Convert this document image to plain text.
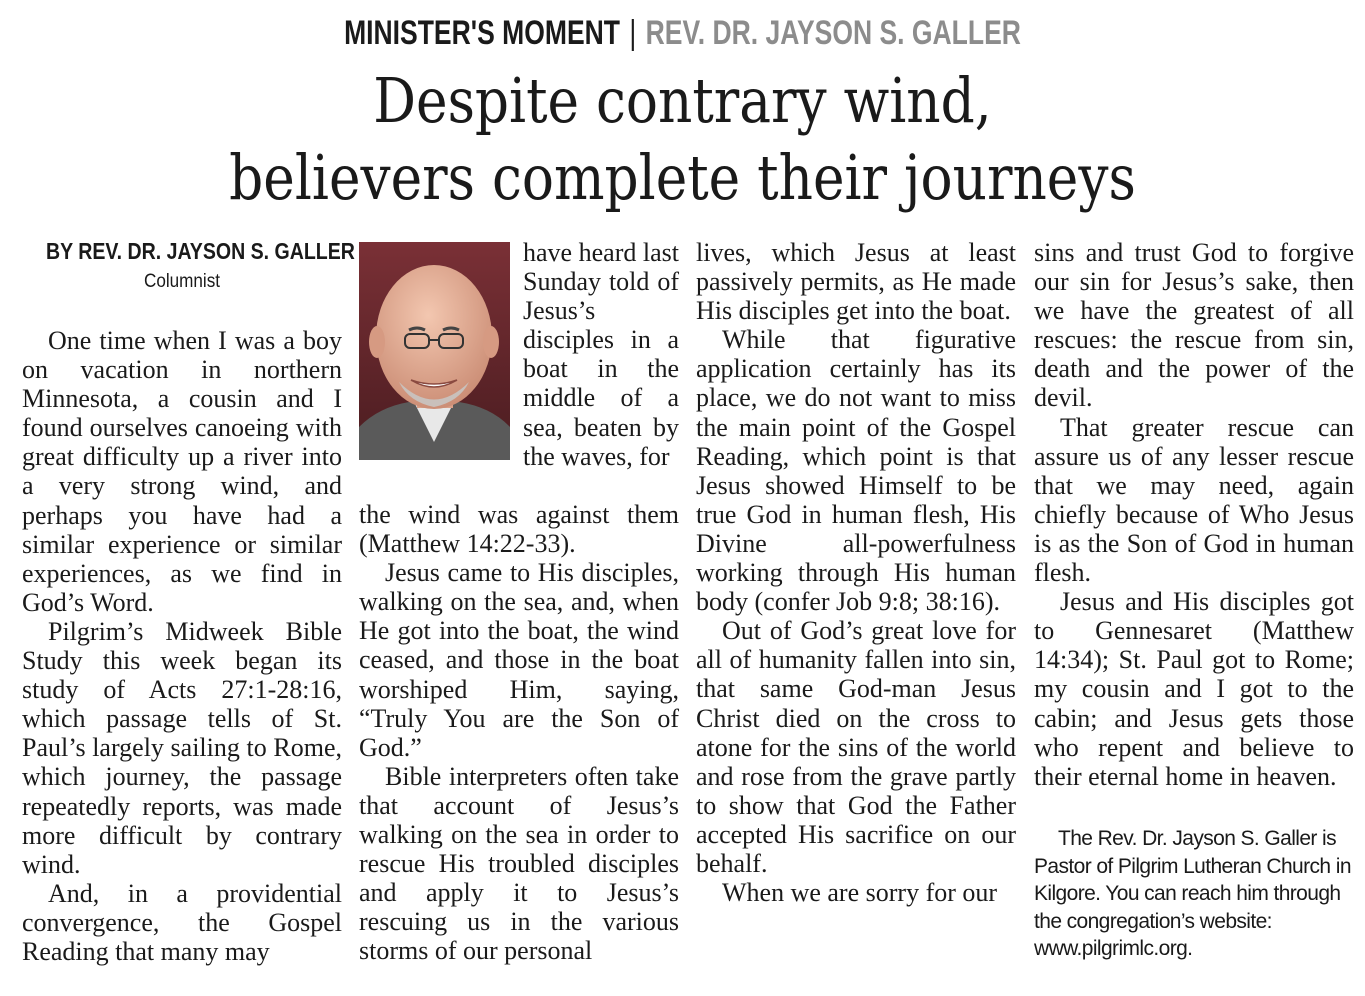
MINISTER'S MOMENT | REV. DR. JAYSON S. GALLER
Despite contrary wind,
believers complete their journeys
BY REV. DR. JAYSON S. GALLER
Columnist

One time when I was a boy on vacation in northern Minnesota, a cousin and I found ourselves canoeing with great difficulty up a river into a very strong wind, and perhaps you have had a similar experience or similar experiences, as we find in God’s Word.

Pilgrim’s Midweek Bible Study this week began its study of Acts 27:1-28:16, which passage tells of St. Paul’s largely sailing to Rome, which journey, the passage repeatedly reports, was made more difficult by contrary wind.

And, in a providential convergence, the Gospel Reading that many may

have heard last Sunday told of Jesus’s disciples in a boat in the middle of a sea, beaten by the waves, for

the wind was against them (Matthew 14:22-33).

Jesus came to His disciples, walking on the sea, and, when He got into the boat, the wind ceased, and those in the boat worshiped Him, saying, “Truly You are the Son of God.”

Bible interpreters often take that account of Jesus’s walking on the sea in order to rescue His troubled disciples and apply it to Jesus’s rescuing us in the various storms of our personal

lives, which Jesus at least passively permits, as He made His disciples get into the boat.

While that figurative application certainly has its place, we do not want to miss the main point of the Gospel Reading, which point is that Jesus showed Himself to be true God in human flesh, His Divine all-powerfulness working through His human body (confer Job 9:8; 38:16).

Out of God’s great love for all of humanity fallen into sin, that same God-man Jesus Christ died on the cross to atone for the sins of the world and rose from the grave partly to show that God the Father accepted His sacrifice on our behalf.

When we are sorry for our

sins and trust God to forgive our sin for Jesus’s sake, then we have the greatest of all rescues: the rescue from sin, death and the power of the devil.

That greater rescue can assure us of any lesser rescue that we may need, again chiefly because of Who Jesus is as the Son of God in human flesh.

Jesus and His disciples got to Gennesaret (Matthew 14:34); St. Paul got to Rome; my cousin and I got to the cabin; and Jesus gets those who repent and believe to their eternal home in heaven.

The Rev. Dr. Jayson S. Galler is Pastor of Pilgrim Lutheran Church in Kilgore. You can reach him through the congregation’s website: www.pilgrimlc.org.
